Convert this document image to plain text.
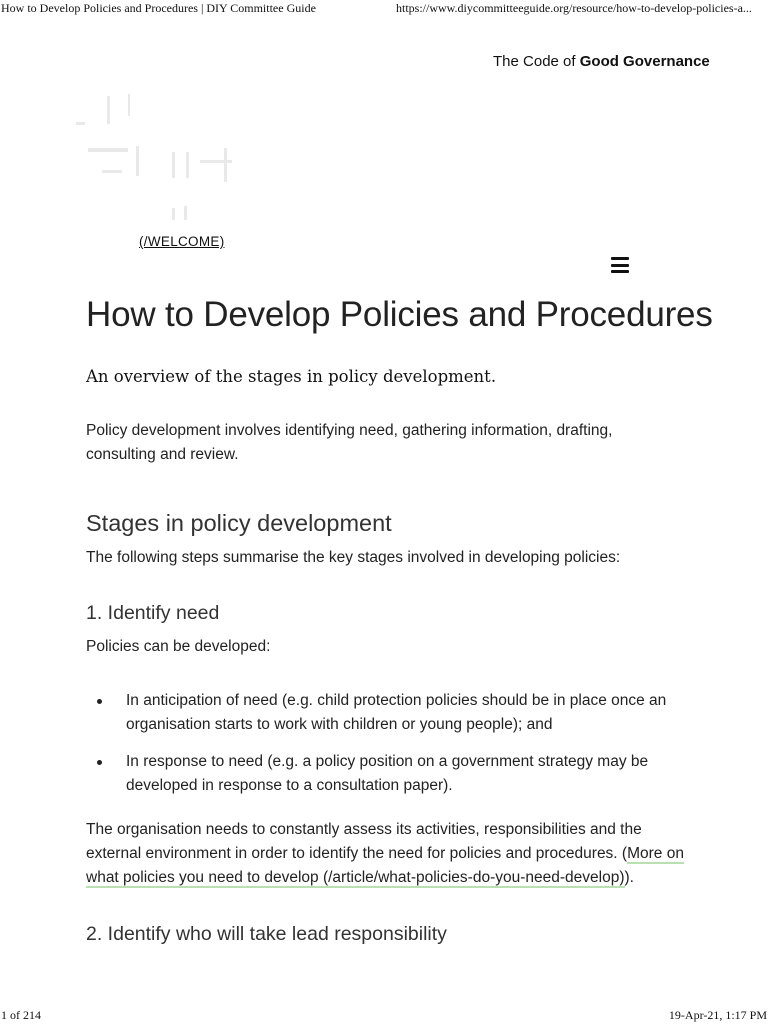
How to Develop Policies and Procedures | DIY Committee Guide	https://www.diycommitteeguide.org/resource/how-to-develop-policies-a...
The Code of Good Governance
(/WELCOME)
How to Develop Policies and Procedures

An overview of the stages in policy development.

Policy development involves identifying need, gathering information, drafting, consulting and review.

Stages in policy development

The following steps summarise the key stages involved in developing policies:

1. Identify need

Policies can be developed:

In anticipation of need (e.g. child protection policies should be in place once an organisation starts to work with children or young people); and
In response to need (e.g. a policy position on a government strategy may be developed in response to a consultation paper).

The organisation needs to constantly assess its activities, responsibilities and the external environment in order to identify the need for policies and procedures. (More on what policies you need to develop (/article/what-policies-do-you-need-develop)).

2. Identify who will take lead responsibility
1 of 214	19-Apr-21, 1:17 PM
